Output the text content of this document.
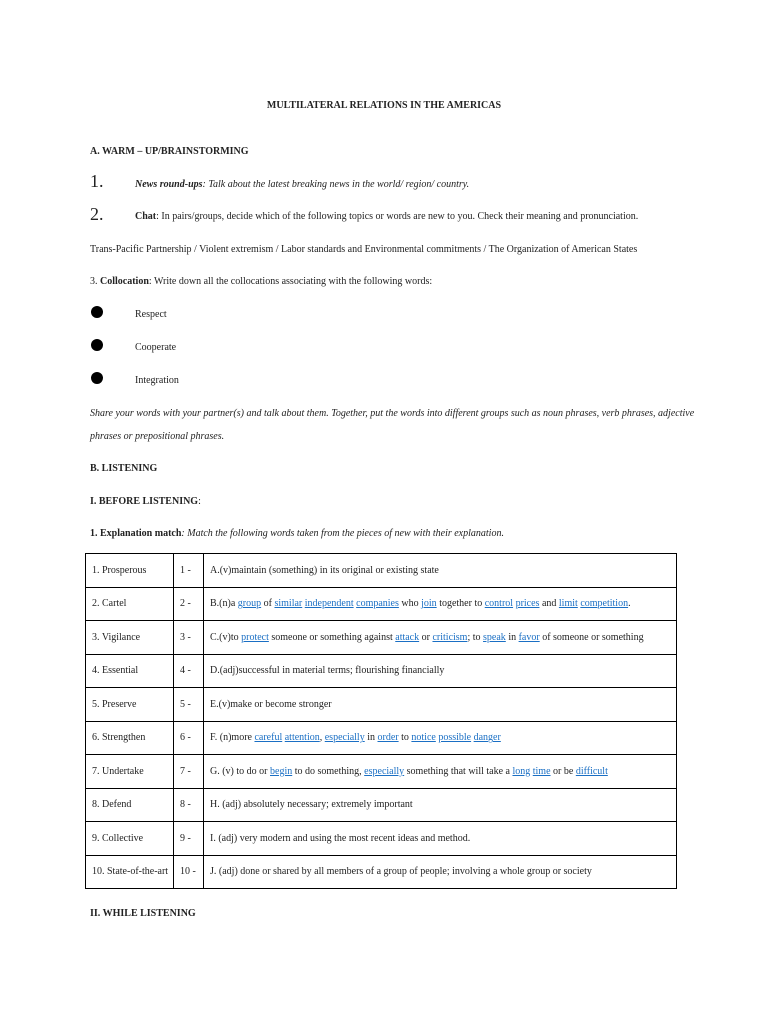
MULTILATERAL RELATIONS IN THE AMERICAS
A. WARM – UP/BRAINSTORMING
1.	News round-ups: Talk about the latest breaking news in the world/ region/ country.
2.	Chat: In pairs/groups, decide which of the following topics or words are new to you. Check their meaning and pronunciation.
Trans-Pacific Partnership / Violent extremism / Labor standards and Environmental commitments / The Organization of American States
3. Collocation: Write down all the collocations associating with the following words:
Respect
Cooperate
Integration
Share your words with your partner(s) and talk about them. Together, put the words into different groups such as noun phrases, verb phrases, adjective
phrases or prepositional phrases.
B. LISTENING
I. BEFORE LISTENING:
1. Explanation match: Match the following words taken from the pieces of new with their explanation.
1. Prosperous	1 -	A.(v)maintain (something) in its original or existing state
2. Cartel	2 -	B.(n)a group of similar independent companies who join together to control prices and limit competition.
3. Vigilance	3 -	C.(v)to protect someone or something against attack or criticism; to speak in favor of someone or something
4. Essential	4 -	D.(adj)successful in material terms; flourishing financially
5. Preserve	5 -	E.(v)make or become stronger
6. Strengthen	6 -	F. (n)more careful attention, especially in order to notice possible danger
7. Undertake	7 -	G. (v) to do or begin to do something, especially something that will take a long time or be difficult
8. Defend	8 -	H. (adj) absolutely necessary; extremely important
9. Collective	9 -	I. (adj) very modern and using the most recent ideas and method.
10. State-of-the-art	10 -	J. (adj) done or shared by all members of a group of people; involving a whole group or society
II. WHILE LISTENING
